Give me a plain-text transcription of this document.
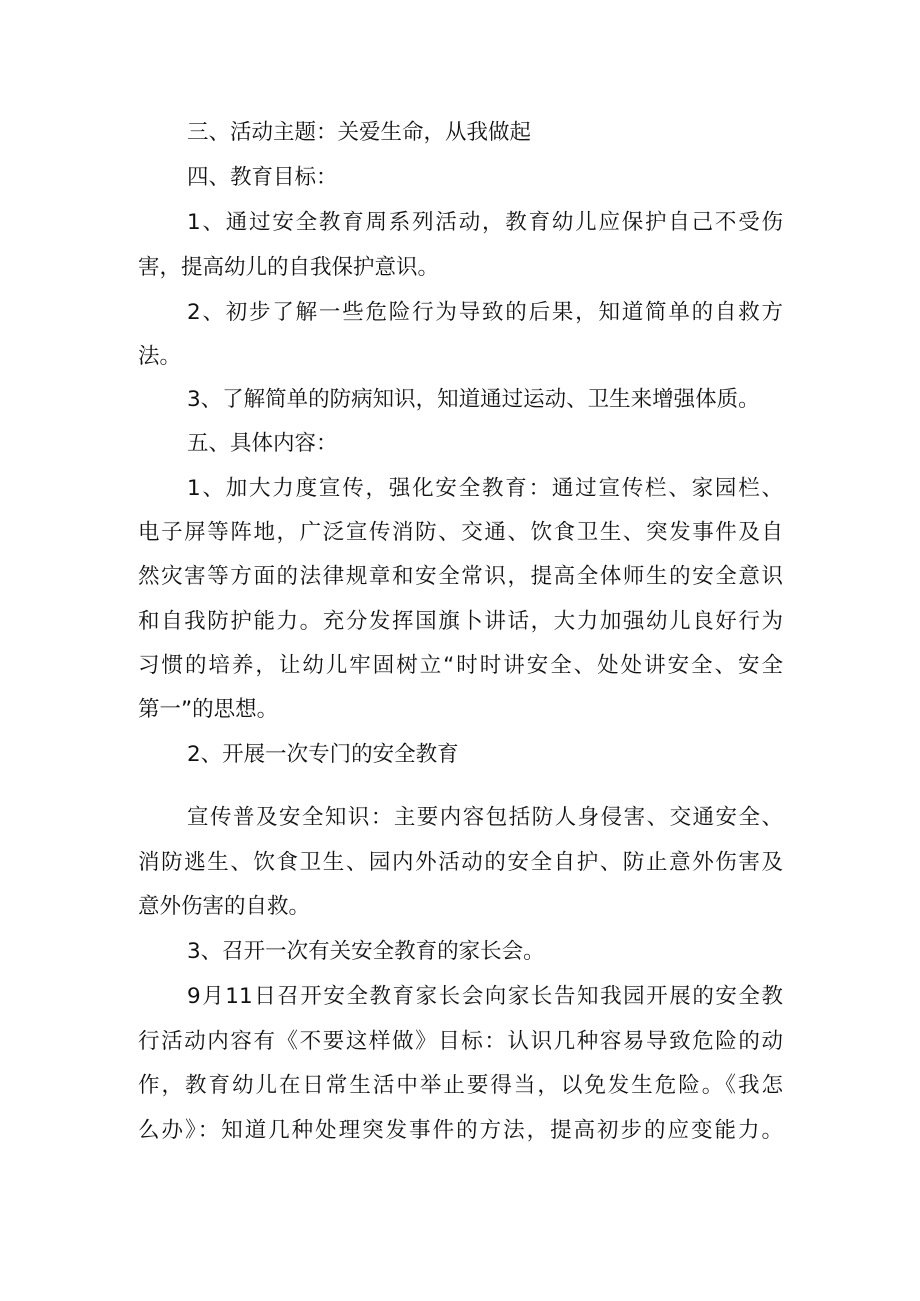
三、活动主题：关爱生命，从我做起
四、教育目标：
1、通过安全教育周系列活动，教育幼儿应保护自己不受伤
害，提高幼儿的自我保护意识。
2、初步了解一些危险行为导致的后果，知道简单的自救方
法。
3、了解简单的防病知识，知道通过运动、卫生来增强体质。
五、具体内容：
1、加大力度宣传，强化安全教育：通过宣传栏、家园栏、
电子屏等阵地，广泛宣传消防、交通、饮食卫生、突发事件及自
然灾害等方面的法律规章和安全常识，提高全体师生的安全意识
和自我防护能力。充分发挥国旗卜讲话，大力加强幼儿良好行为
习惯的培养，让幼儿牢固树立“时时讲安全、处处讲安全、安全
第一”的思想。
2、开展一次专门的安全教育
宣传普及安全知识：主要内容包括防人身侵害、交通安全、
消防逃生、饮食卫生、园内外活动的安全自护、防止意外伤害及
意外伤害的自救。
3、召开一次有关安全教育的家长会。
9月11日召开安全教育家长会向家长告知我园开展的安全教
行活动内容有《不要这样做》目标：认识几种容易导致危险的动
作，教育幼儿在日常生活中举止要得当，以免发生危险。《我怎
么办》：知道几种处理突发事件的方法，提高初步的应变能力。
